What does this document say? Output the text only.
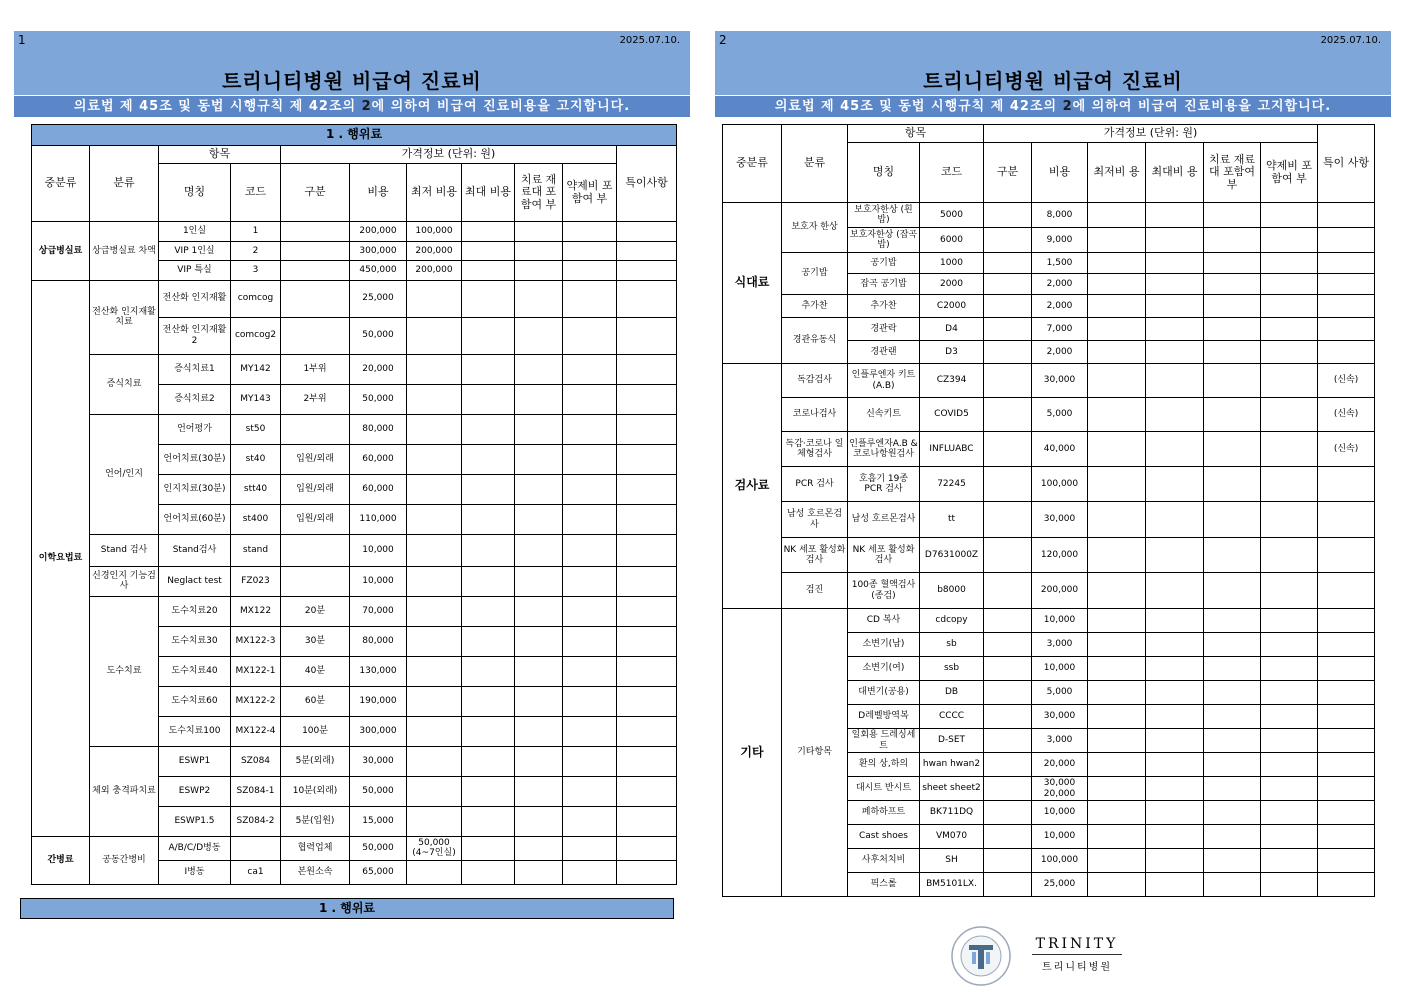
1	2025.07.10.
트리니티병원 비급여 진료비
의료법 제 45조 및 동법 시행규칙 제 42조의 2에 의하여 비급여 진료비용을 고지합니다.
2	2025.07.10.
트리니티병원 비급여 진료비
의료법 제 45조 및 동법 시행규칙 제 42조의 2에 의하여 비급여 진료비용을 고지합니다.
1 . 행위료										
중분류	분류	항목		가격정보 (단위: 원)						특이사항
		명칭	코드	구분	비용	최저 비용	최대 비용	치료 재료대 포함여 부	약제비 포함여 부	
상급병실료	상급병실료 차액	1인실	1		200,000	100,000				
		VIP 1인실	2		300,000	200,000				
		VIP 특실	3		450,000	200,000				
이학요법료	전산화 인지재활 치료	전산화 인지재활	comcog		25,000					
		전산화 인지재활2	comcog2		50,000					
	증식치료	증식치료1	MY142	1부위	20,000					
		증식치료2	MY143	2부위	50,000					
	언어/인지	언어평가	st50		80,000					
		언어치료(30분)	st40	입원/외래	60,000					
		인지치료(30분)	stt40	입원/외래	60,000					
		언어치료(60분)	st400	입원/외래	110,000					
	Stand 검사	Stand검사	stand		10,000					
	신경인지 기능검사	Neglact test	FZ023		10,000					
	도수치료	도수치료20	MX122	20분	70,000					
		도수치료30	MX122-3	30분	80,000					
		도수치료40	MX122-1	40분	130,000					
		도수치료60	MX122-2	60분	190,000					
		도수치료100	MX122-4	100분	300,000					
	체외 충격파치료	ESWP1	SZ084	5분(외래)	30,000					
		ESWP2	SZ084-1	10분(외래)	50,000					
		ESWP1.5	SZ084-2	5분(입원)	15,000					
간병료	공동간병비	A/B/C/D병동		협력업체	50,000	50,000 (4~7인실)				
		I병동	ca1	본원소속	65,000					
1 . 행위료
중분류	분류	항목		가격정보 (단위: 원)						특이 사항
		명칭	코드	구분	비용	최저비 용	최대비 용	치료 재료대 포함여 부	약제비 포함여 부	
식대료	보호자 한상	보호자한상 (흰밥)	5000		8,000					
		보호자한상 (잡곡밥)	6000		9,000					
	공기밥	공기밥	1000		1,500					
		잡곡 공기밥	2000		2,000					
	추가찬	추가찬	C2000		2,000					
	경관유동식	경관락	D4		7,000					
		경관랜	D3		2,000					
검사료	독감검사	인플루엔자 키트(A.B)	CZ394		30,000					(신속)
	코로나검사	신속키트	COVID5		5,000					(신속)
	독감·코로나 일체형검사	인플루엔자A.B & 코로나항원검사	INFLUABC		40,000					(신속)
	PCR 검사	호흡기 19종 PCR 검사	72245		100,000					
	남성 호르몬검사	남성 호르몬검사	tt		30,000					
	NK 세포 활성화 검사	NK 세포 활성화 검사	D7631000Z		120,000					
	검진	100종 혈액검사 (종검)	b8000		200,000					
기타	기타항목	CD 복사	cdcopy		10,000					
		소변기(남)	sb		3,000					
		소변기(여)	ssb		10,000					
		대변기(공용)	DB		5,000					
		D레벨방역복	CCCC		30,000					
		일회용 드레싱세트	D-SET		3,000					
		환의 상,하의	hwan hwan2		20,000					
		대시트 반시트	sheet sheet2		30,000 20,000					
		페하하프트	BK711DQ		10,000					
		Cast shoes	VM070		10,000					
		사후처치비	SH		100,000					
		픽스롤	BM5101LX.		25,000					
TRINITY
트리니티병원
